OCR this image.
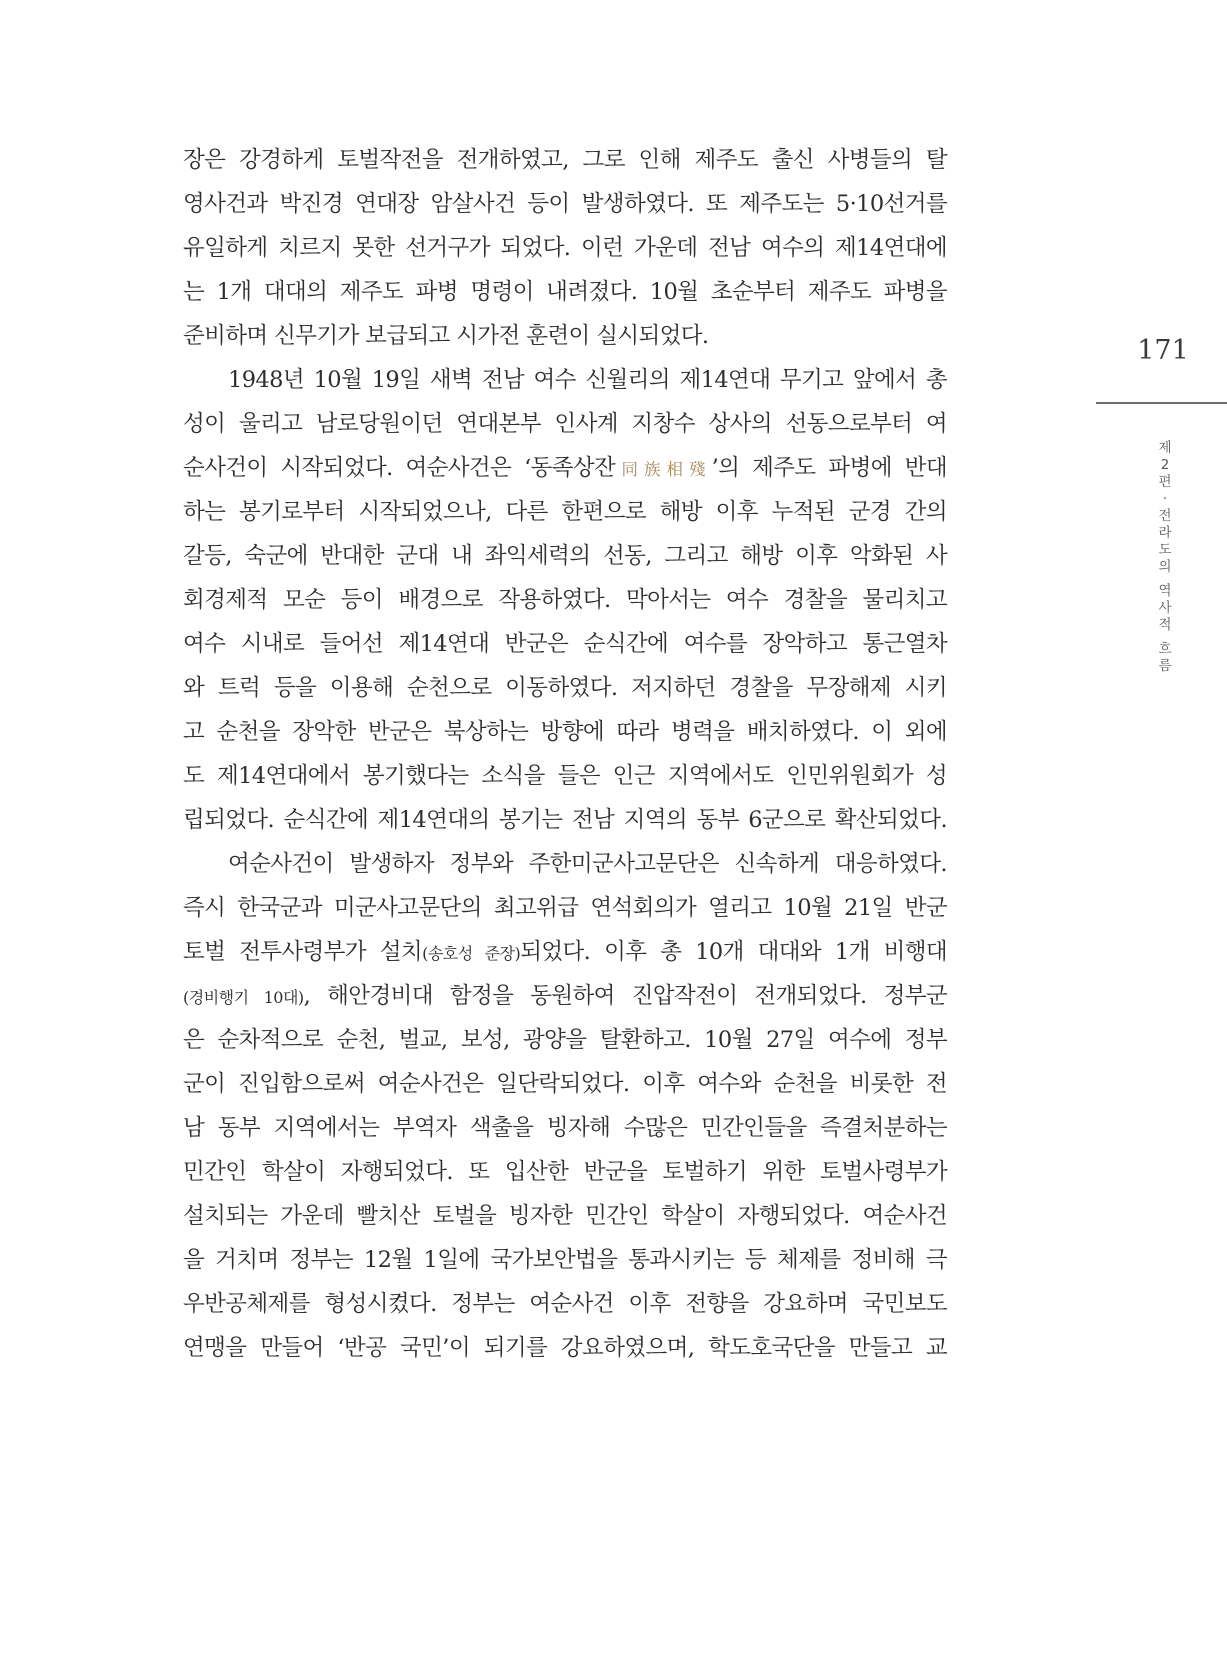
장은 강경하게 토벌작전을 전개하였고, 그로 인해 제주도 출신 사병들의 탈
영사건과 박진경 연대장 암살사건 등이 발생하였다. 또 제주도는 5·10선거를
유일하게 치르지 못한 선거구가 되었다. 이런 가운데 전남 여수의 제14연대에
는 1개 대대의 제주도 파병 명령이 내려졌다. 10월 초순부터 제주도 파병을
준비하며 신무기가 보급되고 시가전 훈련이 실시되었다.
1948년 10월 19일 새벽 전남 여수 신월리의 제14연대 무기고 앞에서 총
성이 울리고 남로당원이던 연대본부 인사계 지창수 상사의 선동으로부터 여
순사건이 시작되었다. 여순사건은 ‘동족상잔同族相殘’의 제주도 파병에 반대
하는 봉기로부터 시작되었으나, 다른 한편으로 해방 이후 누적된 군경 간의
갈등, 숙군에 반대한 군대 내 좌익세력의 선동, 그리고 해방 이후 악화된 사
회경제적 모순 등이 배경으로 작용하였다. 막아서는 여수 경찰을 물리치고
여수 시내로 들어선 제14연대 반군은 순식간에 여수를 장악하고 통근열차
와 트럭 등을 이용해 순천으로 이동하였다. 저지하던 경찰을 무장해제 시키
고 순천을 장악한 반군은 북상하는 방향에 따라 병력을 배치하였다. 이 외에
도 제14연대에서 봉기했다는 소식을 들은 인근 지역에서도 인민위원회가 성
립되었다. 순식간에 제14연대의 봉기는 전남 지역의 동부 6군으로 확산되었다.
여순사건이 발생하자 정부와 주한미군사고문단은 신속하게 대응하였다.
즉시 한국군과 미군사고문단의 최고위급 연석회의가 열리고 10월 21일 반군
토벌 전투사령부가 설치(송호성 준장)되었다. 이후 총 10개 대대와 1개 비행대
(경비행기 10대), 해안경비대 함정을 동원하여 진압작전이 전개되었다. 정부군
은 순차적으로 순천, 벌교, 보성, 광양을 탈환하고. 10월 27일 여수에 정부
군이 진입함으로써 여순사건은 일단락되었다. 이후 여수와 순천을 비롯한 전
남 동부 지역에서는 부역자 색출을 빙자해 수많은 민간인들을 즉결처분하는
민간인 학살이 자행되었다. 또 입산한 반군을 토벌하기 위한 토벌사령부가
설치되는 가운데 빨치산 토벌을 빙자한 민간인 학살이 자행되었다. 여순사건
을 거치며 정부는 12월 1일에 국가보안법을 통과시키는 등 체제를 정비해 극
우반공체제를 형성시켰다. 정부는 여순사건 이후 전향을 강요하며 국민보도
연맹을 만들어 ‘반공 국민’이 되기를 강요하였으며, 학도호국단을 만들고 교
171
제
2
편
·
전
라
도
의
역
사
적
흐
름
